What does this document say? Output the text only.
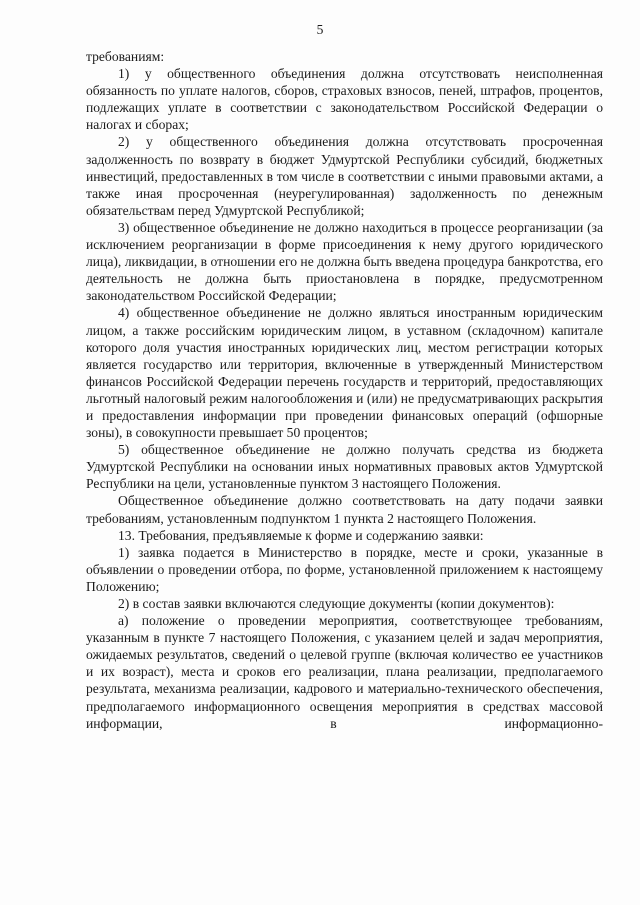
5

требованиям:

1) у общественного объединения должна отсутствовать неисполненная обязанность по уплате налогов, сборов, страховых взносов, пеней, штрафов, процентов, подлежащих уплате в соответствии с законодательством Российской Федерации о налогах и сборах;

2) у общественного объединения должна отсутствовать просроченная задолженность по возврату в бюджет Удмуртской Республики субсидий, бюджетных инвестиций, предоставленных в том числе в соответствии с иными правовыми актами, а также иная просроченная (неурегулированная) задолженность по денежным обязательствам перед Удмуртской Республикой;

3) общественное объединение не должно находиться в процессе реорганизации (за исключением реорганизации в форме присоединения к нему другого юридического лица), ликвидации, в отношении его не должна быть введена процедура банкротства, его деятельность не должна быть приостановлена в порядке, предусмотренном законодательством Российской Федерации;

4) общественное объединение не должно являться иностранным юридическим лицом, а также российским юридическим лицом, в уставном (складочном) капитале которого доля участия иностранных юридических лиц, местом регистрации которых является государство или территория, включенные в утвержденный Министерством финансов Российской Федерации перечень государств и территорий, предоставляющих льготный налоговый режим налогообложения и (или) не предусматривающих раскрытия и предоставления информации при проведении финансовых операций (офшорные зоны), в совокупности превышает 50 процентов;

5) общественное объединение не должно получать средства из бюджета Удмуртской Республики на основании иных нормативных правовых актов Удмуртской Республики на цели, установленные пунктом 3 настоящего Положения.

Общественное объединение должно соответствовать на дату подачи заявки требованиям, установленным подпунктом 1 пункта 2 настоящего Положения.

13. Требования, предъявляемые к форме и содержанию заявки:

1) заявка подается в Министерство в порядке, месте и сроки, указанные в объявлении о проведении отбора, по форме, установленной приложением к настоящему Положению;

2) в состав заявки включаются следующие документы (копии документов):

а) положение о проведении мероприятия, соответствующее требованиям, указанным в пункте 7 настоящего Положения, с указанием целей и задач мероприятия, ожидаемых результатов, сведений о целевой группе (включая количество ее участников и их возраст), места и сроков его реализации, плана реализации, предполагаемого результата, механизма реализации, кадрового и материально-технического обеспечения, предполагаемого информационного освещения мероприятия в средствах массовой информации, в информационно-
